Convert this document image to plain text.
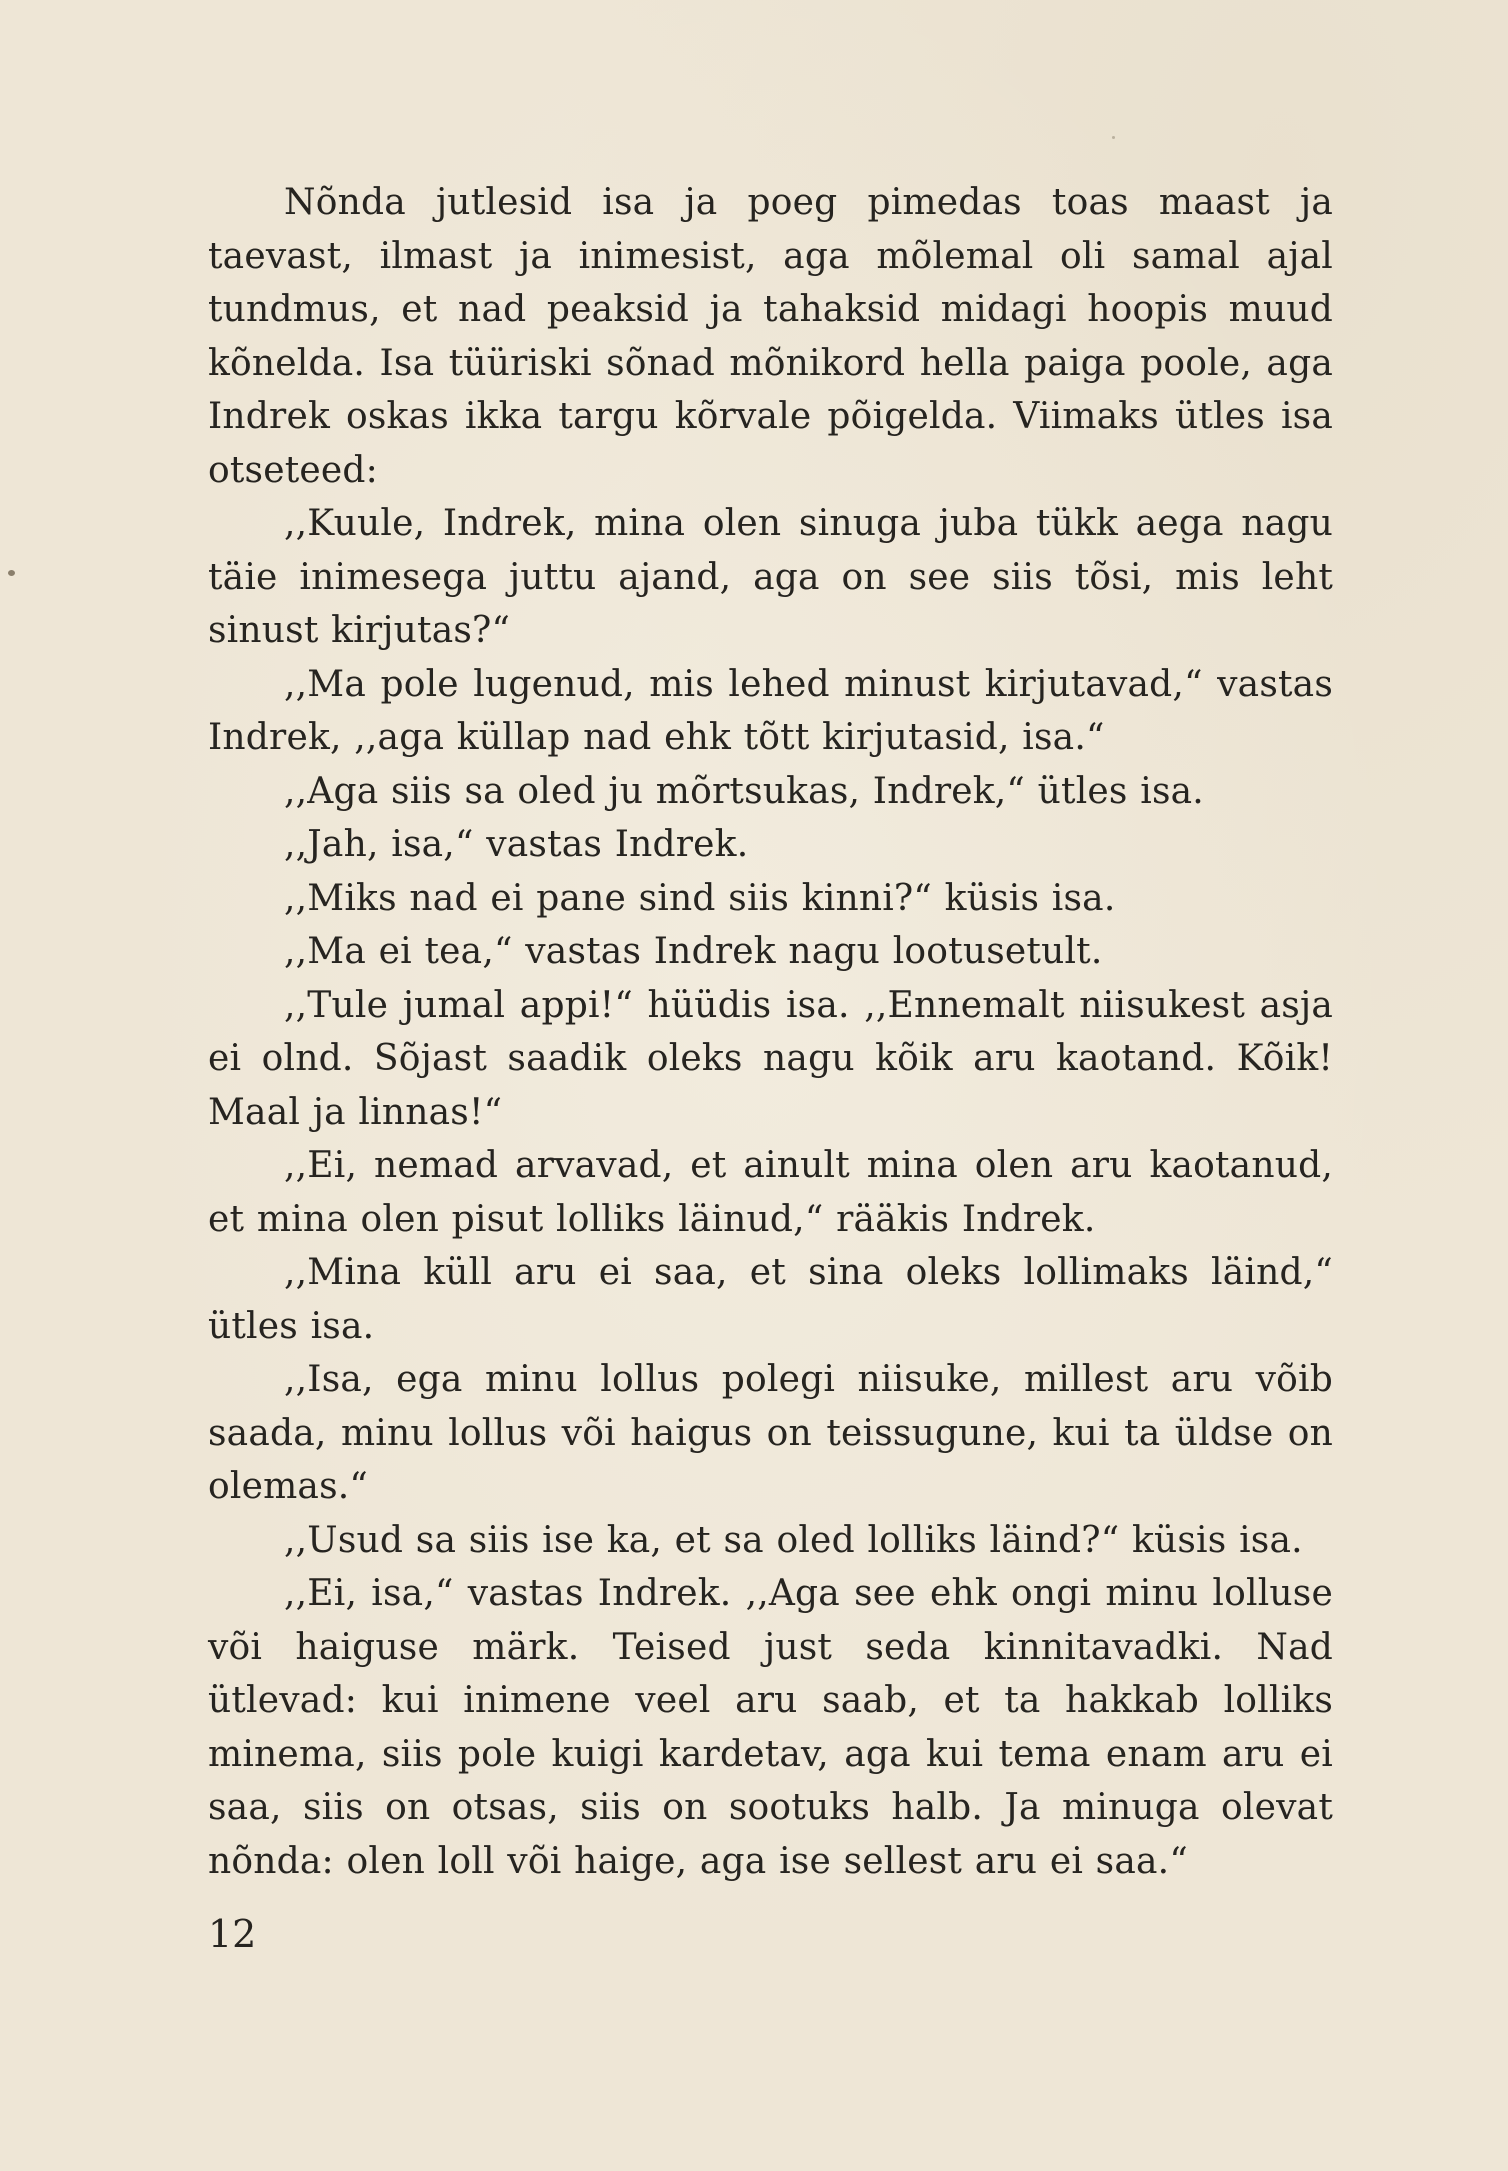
Nõnda jutlesid isa ja poeg pimedas toas maast ja taevast, ilmast ja inimesist, aga mõlemal oli samal ajal tundmus, et nad peaksid ja tahaksid midagi hoopis muud kõnelda. Isa tüüriski sõnad mõnikord hella paiga poole, aga Indrek oskas ikka targu kõrvale põigelda. Viimaks ütles isa otseteed:

,,Kuule, Indrek, mina olen sinuga juba tükk aega nagu täie inimesega juttu ajand, aga on see siis tõsi, mis leht sinust kirjutas?“

,,Ma pole lugenud, mis lehed minust kirjutavad,“ vastas Indrek, ,,aga küllap nad ehk tõtt kirjutasid, isa.“

,,Aga siis sa oled ju mõrtsukas, Indrek,“ ütles isa.

,,Jah, isa,“ vastas Indrek.

,,Miks nad ei pane sind siis kinni?“ küsis isa.

,,Ma ei tea,“ vastas Indrek nagu lootusetult.

,,Tule jumal appi!“ hüüdis isa. ,,Ennemalt niisukest asja ei olnd. Sõjast saadik oleks nagu kõik aru kaotand. Kõik! Maal ja linnas!“

,,Ei, nemad arvavad, et ainult mina olen aru kaotanud, et mina olen pisut lolliks läinud,“ rääkis Indrek.

,,Mina küll aru ei saa, et sina oleks lollimaks läind,“ ütles isa.

,,Isa, ega minu lollus polegi niisuke, millest aru võib saada, minu lollus või haigus on teissugune, kui ta üldse on olemas.“

,,Usud sa siis ise ka, et sa oled lolliks läind?“ küsis isa.

,,Ei, isa,“ vastas Indrek. ,,Aga see ehk ongi minu lolluse või haiguse märk. Teised just seda kinnitavadki. Nad ütlevad: kui inimene veel aru saab, et ta hakkab lolliks minema, siis pole kuigi kardetav, aga kui tema enam aru ei saa, siis on otsas, siis on sootuks halb. Ja minuga olevat nõnda: olen loll või haige, aga ise sellest aru ei saa.“

12
